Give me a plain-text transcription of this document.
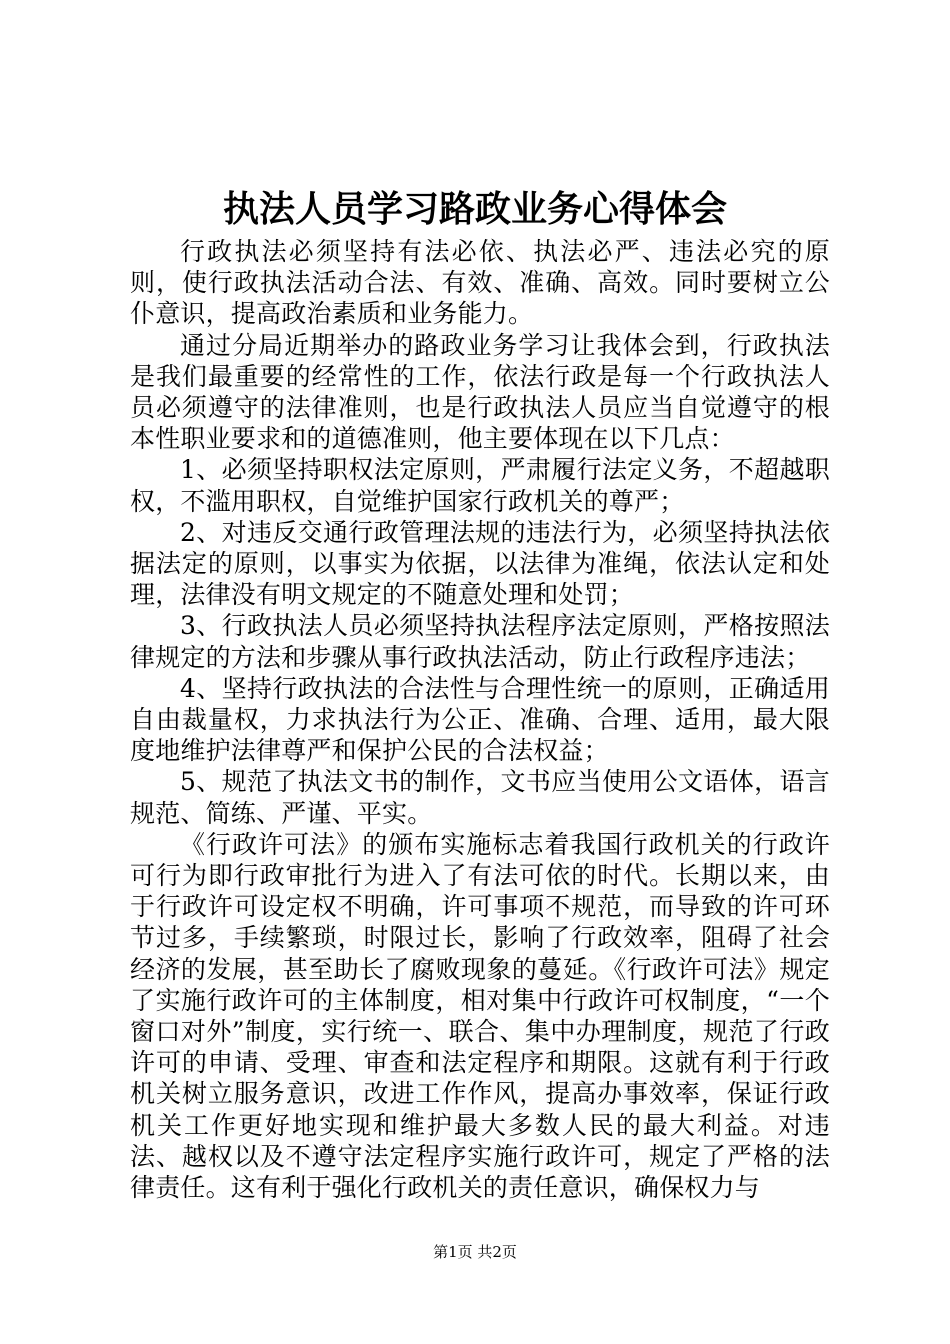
执法人员学习路政业务心得体会

行政执法必须坚持有法必依、执法必严、违法必究的原则，使行政执法活动合法、有效、准确、高效。同时要树立公仆意识，提高政治素质和业务能力。

通过分局近期举办的路政业务学习让我体会到，行政执法是我们最重要的经常性的工作，依法行政是每一个行政执法人员必须遵守的法律准则，也是行政执法人员应当自觉遵守的根本性职业要求和的道德准则，他主要体现在以下几点：

1、必须坚持职权法定原则，严肃履行法定义务，不超越职权，不滥用职权，自觉维护国家行政机关的尊严；

2、对违反交通行政管理法规的违法行为，必须坚持执法依据法定的原则，以事实为依据，以法律为准绳，依法认定和处理，法律没有明文规定的不随意处理和处罚；

3、行政执法人员必须坚持执法程序法定原则，严格按照法律规定的方法和步骤从事行政执法活动，防止行政程序违法；

4、坚持行政执法的合法性与合理性统一的原则，正确适用自由裁量权，力求执法行为公正、准确、合理、适用，最大限度地维护法律尊严和保护公民的合法权益；

5、规范了执法文书的制作，文书应当使用公文语体，语言规范、简练、严谨、平实。

《行政许可法》的颁布实施标志着我国行政机关的行政许可行为即行政审批行为进入了有法可依的时代。长期以来，由于行政许可设定权不明确，许可事项不规范，而导致的许可环节过多，手续繁琐，时限过长，影响了行政效率，阻碍了社会经济的发展，甚至助长了腐败现象的蔓延。《行政许可法》规定了实施行政许可的主体制度，相对集中行政许可权制度，“一个窗口对外”制度，实行统一、联合、集中办理制度，规范了行政许可的申请、受理、审查和法定程序和期限。这就有利于行政机关树立服务意识，改进工作作风，提高办事效率，保证行政机关工作更好地实现和维护最大多数人民的最大利益。对违法、越权以及不遵守法定程序实施行政许可，规定了严格的法律责任。这有利于强化行政机关的责任意识，确保权力与

第1页 共2页
